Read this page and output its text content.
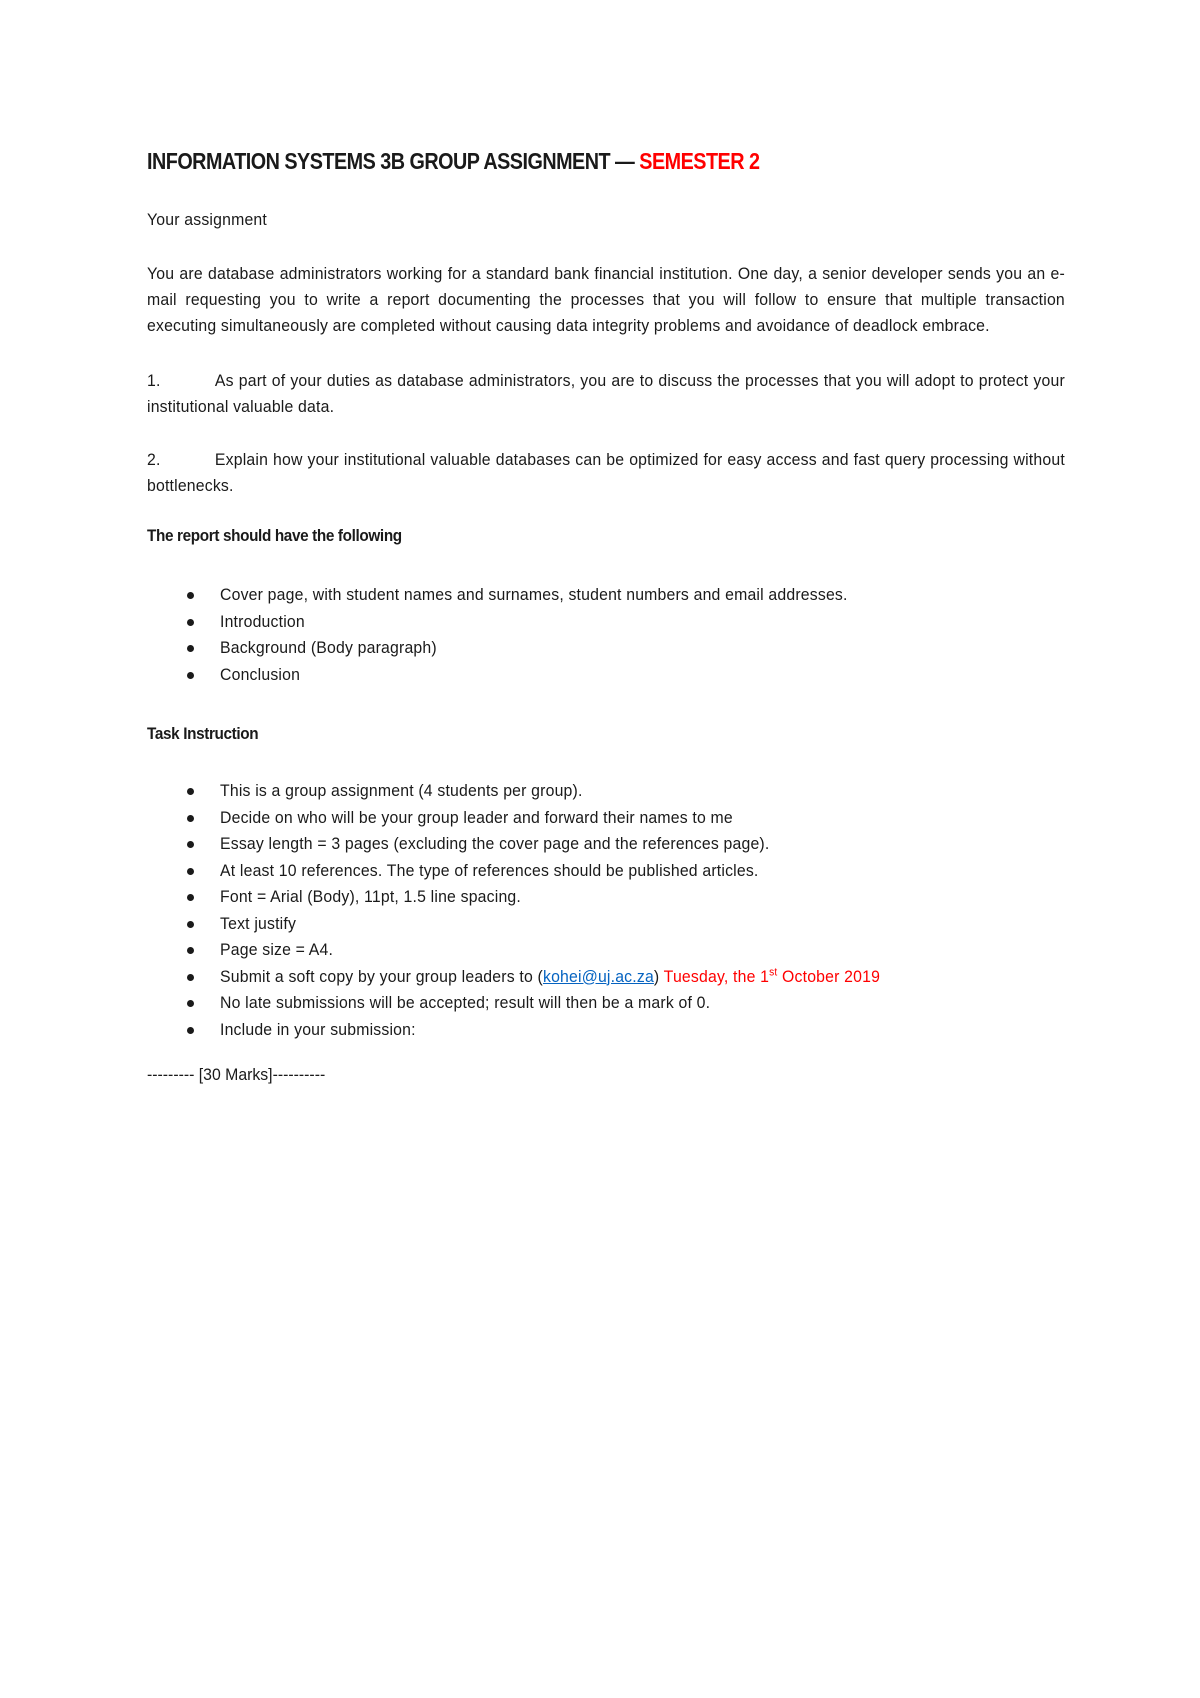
INFORMATION SYSTEMS 3B GROUP ASSIGNMENT — SEMESTER 2
Your assignment
You are database administrators working for a standard bank financial institution. One day, a senior developer sends you an e-mail requesting you to write a report documenting the processes that you will follow to ensure that multiple transaction executing simultaneously are completed without causing data integrity problems and avoidance of deadlock embrace.
1.	As part of your duties as database administrators, you are to discuss the processes that you will adopt to protect your institutional valuable data.
2.	Explain how your institutional valuable databases can be optimized for easy access and fast query processing without bottlenecks.
The report should have the following
Cover page, with student names and surnames, student numbers and email addresses.
Introduction
Background (Body paragraph)
Conclusion
Task Instruction
This is a group assignment (4 students per group).
Decide on who will be your group leader and forward their names to me
Essay length = 3 pages (excluding the cover page and the references page).
At least 10 references. The type of references should be published articles.
Font = Arial (Body), 11pt, 1.5 line spacing.
Text justify
Page size = A4.
Submit a soft copy by your group leaders to (kohei@uj.ac.za) Tuesday, the 1st October 2019
No late submissions will be accepted; result will then be a mark of 0.
Include in your submission:
--------- [30 Marks]----------
